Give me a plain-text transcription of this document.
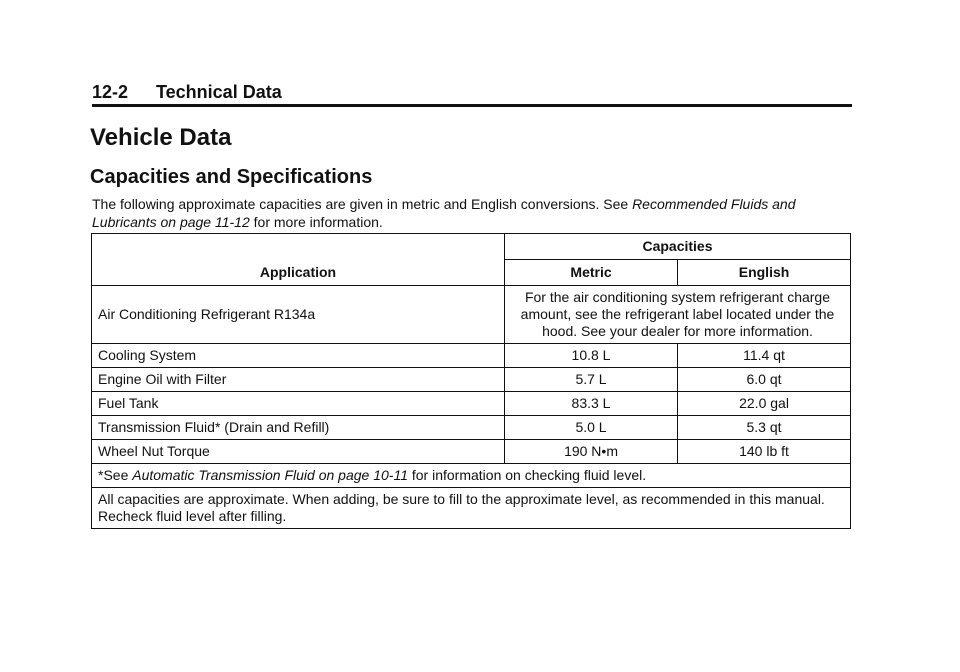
12-2 Technical Data
Vehicle Data
Capacities and Specifications

The following approximate capacities are given in metric and English conversions. See Recommended Fluids and Lubricants on page 11-12 for more information.

Application	Capacities	
	Metric	English
Air Conditioning Refrigerant R134a	For the air conditioning system refrigerant charge amount, see the refrigerant label located under the hood. See your dealer for more information.	
Cooling System	10.8 L	11.4 qt
Engine Oil with Filter	5.7 L	6.0 qt
Fuel Tank	83.3 L	22.0 gal
Transmission Fluid* (Drain and Refill)	5.0 L	5.3 qt
Wheel Nut Torque	190 N•m	140 lb ft
*See Automatic Transmission Fluid on page 10-11 for information on checking fluid level.		
All capacities are approximate. When adding, be sure to fill to the approximate level, as recommended in this manual. Recheck fluid level after filling.		
